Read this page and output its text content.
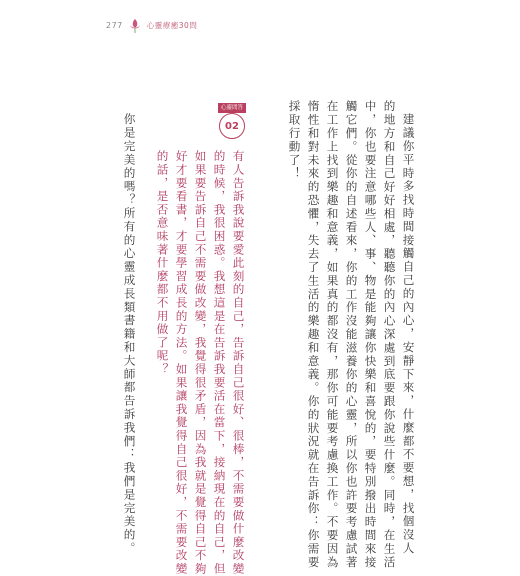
277	心靈療癒30問
建議你平時多找時間接觸自己的內心，安靜下來，什麼都不要想，找個沒人
的地方和自己好好相處，聽聽你的內心深處到底要跟你說些什麼。同時，在生活
中，你也要注意哪些人、事、物是能夠讓你快樂和喜悅的，要特別撥出時間來接
觸它們。從你的自述看來，你的工作沒能滋養你的心靈，所以你也許要考慮試著
在工作上找到樂趣和意義，如果真的都沒有，那你可能要考慮換工作。不要因為
惰性和對未來的恐懼，失去了生活的樂趣和意義。你的狀況就在告訴你：你需要
採取行動了！
心靈問答
02
有人告訴我說要愛此刻的自己，告訴自己很好、很棒，不需要做什麼改變
的時候，我很困惑。我想這是在告訴我要活在當下，接納現在的自己，但
如果要告訴自己不需要做改變，我覺得很矛盾，因為我就是覺得自己不夠
好才要看書，才要學習成長的方法。如果讓我覺得自己很好，不需要改變
的話，是否意味著什麼都不用做了呢？
你是完美的嗎？所有的心靈成長類書籍和大師都告訴我們：我們是完美的。
